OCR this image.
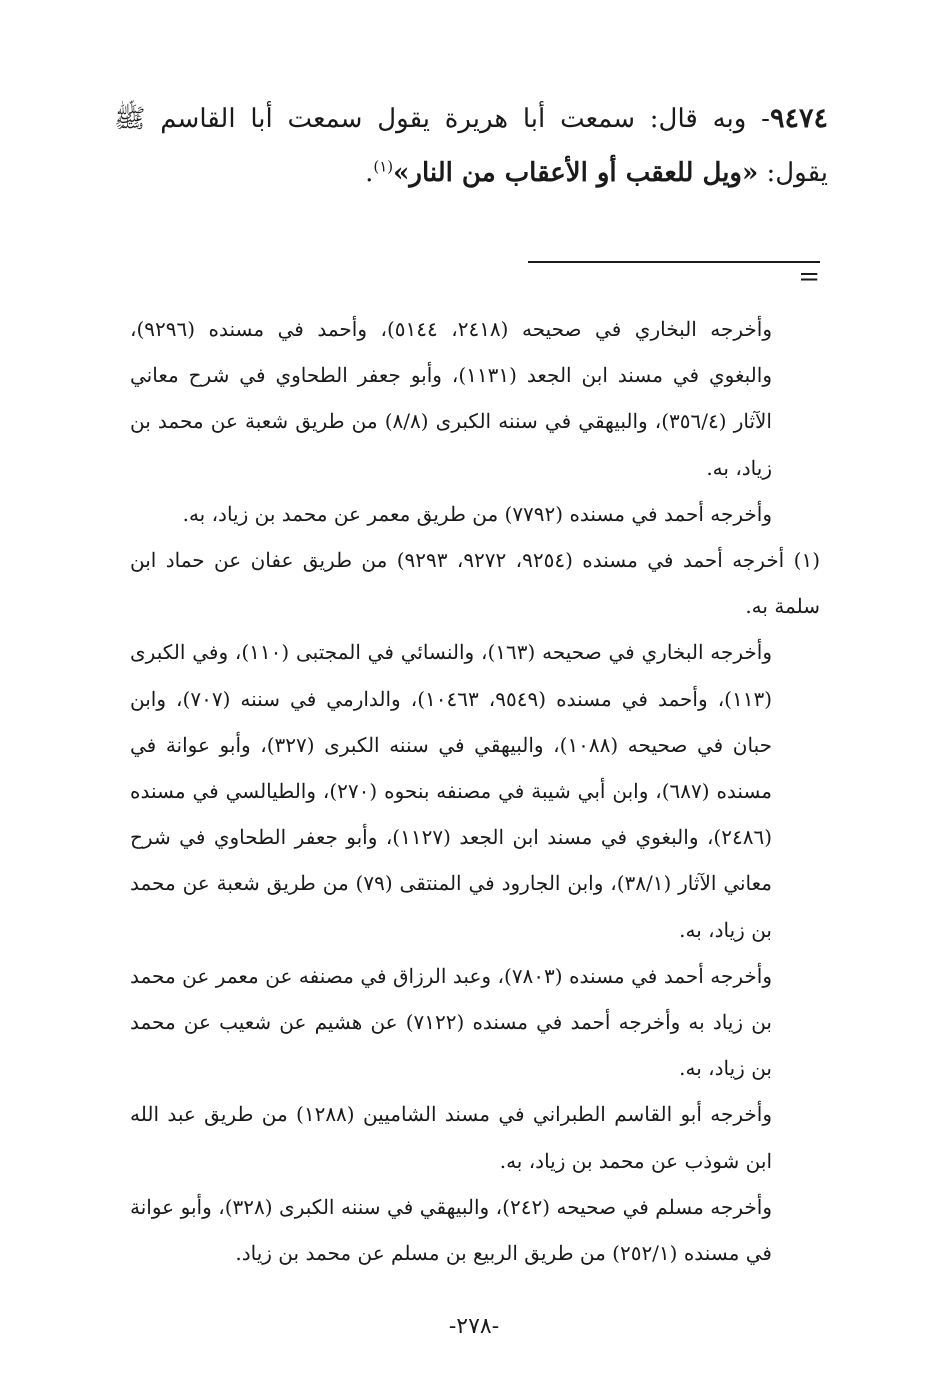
٩٤٧٤- وبه قال: سمعت أبا هريرة يقول سمعت أبا القاسم ﷺ يقول: «ويل للعقب أو الأعقاب من النار»$^{(١)}$.
=

وأخرجه البخاري في صحيحه (٢٤١٨، ٥١٤٤)، وأحمد في مسنده (٩٢٩٦)، والبغوي في مسند ابن الجعد (١١٣١)، وأبو جعفر الطحاوي في شرح معاني الآثار (٣٥٦/٤)، والبيهقي في سننه الكبرى (٨/٨) من طريق شعبة عن محمد بن زياد، به.

وأخرجه أحمد في مسنده (٧٧٩٢) من طريق معمر عن محمد بن زياد، به.

(١) أخرجه أحمد في مسنده (٩٢٥٤، ٩٢٧٢، ٩٢٩٣) من طريق عفان عن حماد ابن سلمة به.

وأخرجه البخاري في صحيحه (١٦٣)، والنسائي في المجتبى (١١٠)، وفي الكبرى (١١٣)، وأحمد في مسنده (٩٥٤٩، ١٠٤٦٣)، والدارمي في سننه (٧٠٧)، وابن حبان في صحيحه (١٠٨٨)، والبيهقي في سننه الكبرى (٣٢٧)، وأبو عوانة في مسنده (٦٨٧)، وابن أبي شيبة في مصنفه بنحوه (٢٧٠)، والطيالسي في مسنده (٢٤٨٦)، والبغوي في مسند ابن الجعد (١١٢٧)، وأبو جعفر الطحاوي في شرح معاني الآثار (٣٨/١)، وابن الجارود في المنتقى (٧٩) من طريق شعبة عن محمد بن زياد، به.

وأخرجه أحمد في مسنده (٧٨٠٣)، وعبد الرزاق في مصنفه عن معمر عن محمد بن زياد به وأخرجه أحمد في مسنده (٧١٢٢) عن هشيم عن شعيب عن محمد بن زياد، به.

وأخرجه أبو القاسم الطبراني في مسند الشاميين (١٢٨٨) من طريق عبد الله ابن شوذب عن محمد بن زياد، به.

وأخرجه مسلم في صحيحه (٢٤٢)، والبيهقي في سننه الكبرى (٣٢٨)، وأبو عوانة في مسنده (٢٥٢/١) من طريق الربيع بن مسلم عن محمد بن زياد.

-٢٧٨-
